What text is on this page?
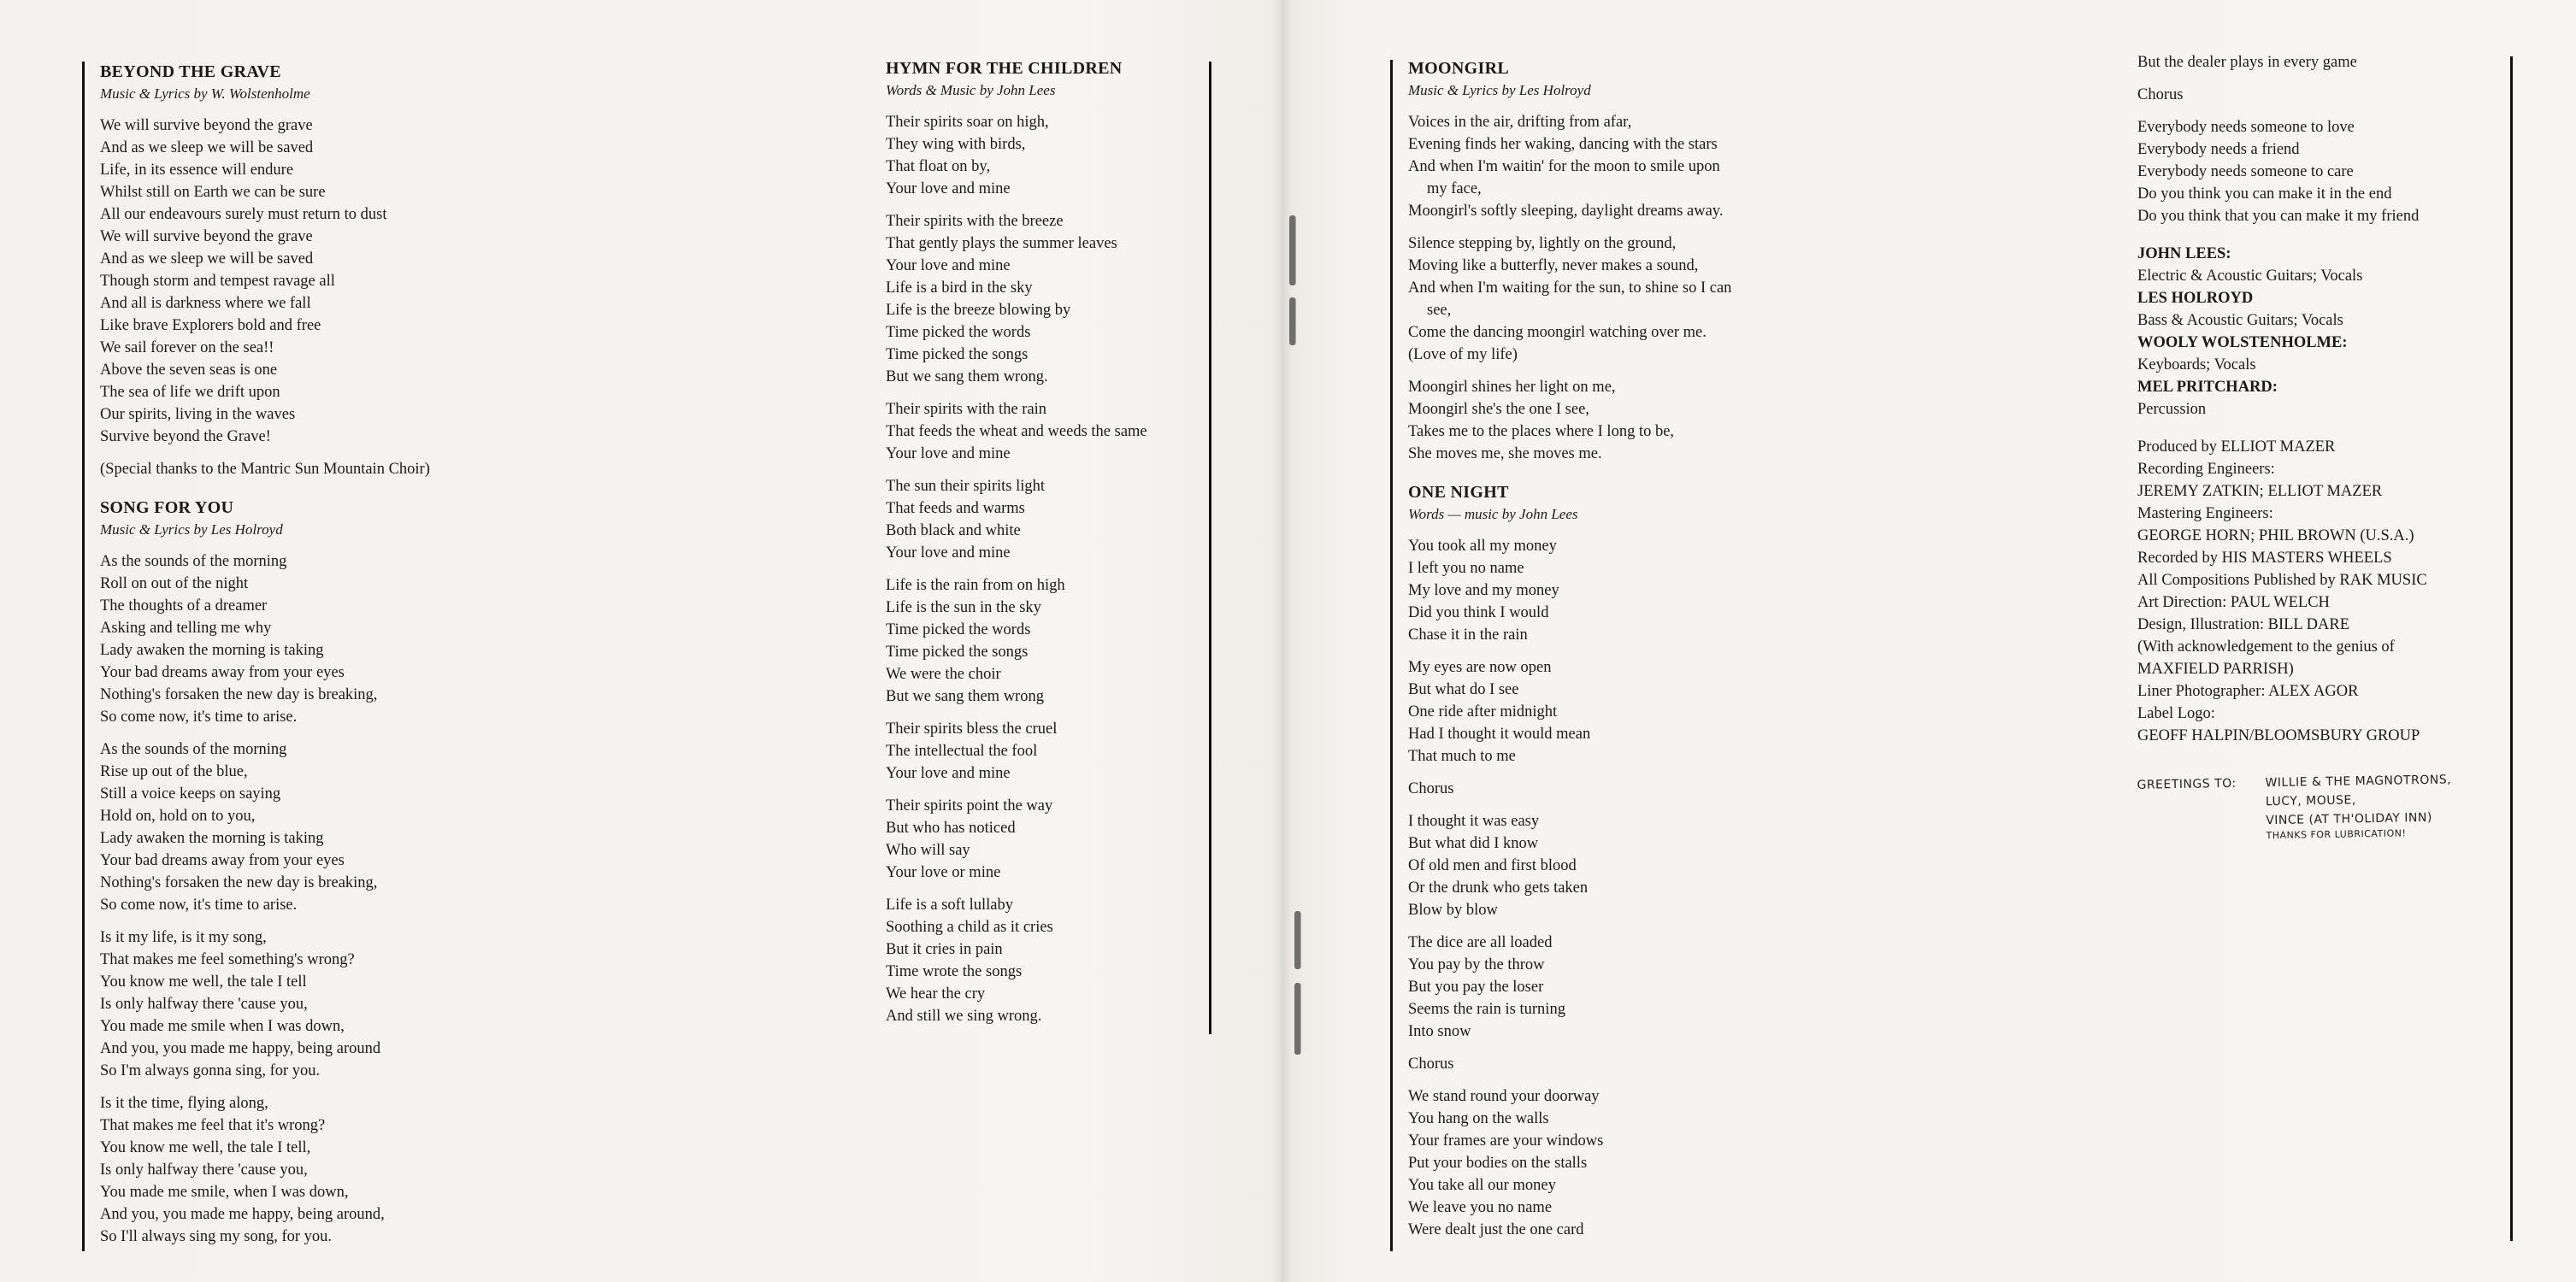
BEYOND THE GRAVE

Music & Lyrics by W. Wolstenholme

We will survive beyond the grave

And as we sleep we will be saved

Life, in its essence will endure

Whilst still on Earth we can be sure

All our endeavours surely must return to dust

We will survive beyond the grave

And as we sleep we will be saved

Though storm and tempest ravage all

And all is darkness where we fall

Like brave Explorers bold and free

We sail forever on the sea!!

Above the seven seas is one

The sea of life we drift upon

Our spirits, living in the waves

Survive beyond the Grave!

(Special thanks to the Mantric Sun Mountain Choir)

SONG FOR YOU

Music & Lyrics by Les Holroyd

As the sounds of the morning

Roll on out of the night

The thoughts of a dreamer

Asking and telling me why

Lady awaken the morning is taking

Your bad dreams away from your eyes

Nothing's forsaken the new day is breaking,

So come now, it's time to arise.

As the sounds of the morning

Rise up out of the blue,

Still a voice keeps on saying

Hold on, hold on to you,

Lady awaken the morning is taking

Your bad dreams away from your eyes

Nothing's forsaken the new day is breaking,

So come now, it's time to arise.

Is it my life, is it my song,

That makes me feel something's wrong?

You know me well, the tale I tell

Is only halfway there 'cause you,

You made me smile when I was down,

And you, you made me happy, being around

So I'm always gonna sing, for you.

Is it the time, flying along,

That makes me feel that it's wrong?

You know me well, the tale I tell,

Is only halfway there 'cause you,

You made me smile, when I was down,

And you, you made me happy, being around,

So I'll always sing my song, for you.

HYMN FOR THE CHILDREN

Words & Music by John Lees

Their spirits soar on high,

They wing with birds,

That float on by,

Your love and mine

Their spirits with the breeze

That gently plays the summer leaves

Your love and mine

Life is a bird in the sky

Life is the breeze blowing by

Time picked the words

Time picked the songs

But we sang them wrong.

Their spirits with the rain

That feeds the wheat and weeds the same

Your love and mine

The sun their spirits light

That feeds and warms

Both black and white

Your love and mine

Life is the rain from on high

Life is the sun in the sky

Time picked the words

Time picked the songs

We were the choir

But we sang them wrong

Their spirits bless the cruel

The intellectual the fool

Your love and mine

Their spirits point the way

But who has noticed

Who will say

Your love or mine

Life is a soft lullaby

Soothing a child as it cries

But it cries in pain

Time wrote the songs

We hear the cry

And still we sing wrong.

MOONGIRL

Music & Lyrics by Les Holroyd

Voices in the air, drifting from afar,

Evening finds her waking, dancing with the stars

And when I'm waitin' for the moon to smile upon

my face,

Moongirl's softly sleeping, daylight dreams away.

Silence stepping by, lightly on the ground,

Moving like a butterfly, never makes a sound,

And when I'm waiting for the sun, to shine so I can

see,

Come the dancing moongirl watching over me.

(Love of my life)

Moongirl shines her light on me,

Moongirl she's the one I see,

Takes me to the places where I long to be,

She moves me, she moves me.

ONE NIGHT

Words — music by John Lees

You took all my money

I left you no name

My love and my money

Did you think I would

Chase it in the rain

My eyes are now open

But what do I see

One ride after midnight

Had I thought it would mean

That much to me

Chorus

I thought it was easy

But what did I know

Of old men and first blood

Or the drunk who gets taken

Blow by blow

The dice are all loaded

You pay by the throw

But you pay the loser

Seems the rain is turning

Into snow

Chorus

We stand round your doorway

You hang on the walls

Your frames are your windows

Put your bodies on the stalls

You take all our money

We leave you no name

Were dealt just the one card

But the dealer plays in every game

Chorus

Everybody needs someone to love

Everybody needs a friend

Everybody needs someone to care

Do you think you can make it in the end

Do you think that you can make it my friend

JOHN LEES:

Electric & Acoustic Guitars; Vocals

LES HOLROYD

Bass & Acoustic Guitars; Vocals

WOOLY WOLSTENHOLME:

Keyboards; Vocals

MEL PRITCHARD:

Percussion

Produced by ELLIOT MAZER

Recording Engineers:

JEREMY ZATKIN; ELLIOT MAZER

Mastering Engineers:

GEORGE HORN; PHIL BROWN (U.S.A.)

Recorded by HIS MASTERS WHEELS

All Compositions Published by RAK MUSIC

Art Direction: PAUL WELCH

Design, Illustration: BILL DARE

(With acknowledgement to the genius of

MAXFIELD PARRISH)

Liner Photographer: ALEX AGOR

Label Logo:

GEOFF HALPIN/BLOOMSBURY GROUP

GREETINGS TO: WILLIE & THE MAGNOTRONS,
LUCY, MOUSE,
VINCE (AT TH'OLIDAY INN)
THANKS FOR LUBRICATION!
